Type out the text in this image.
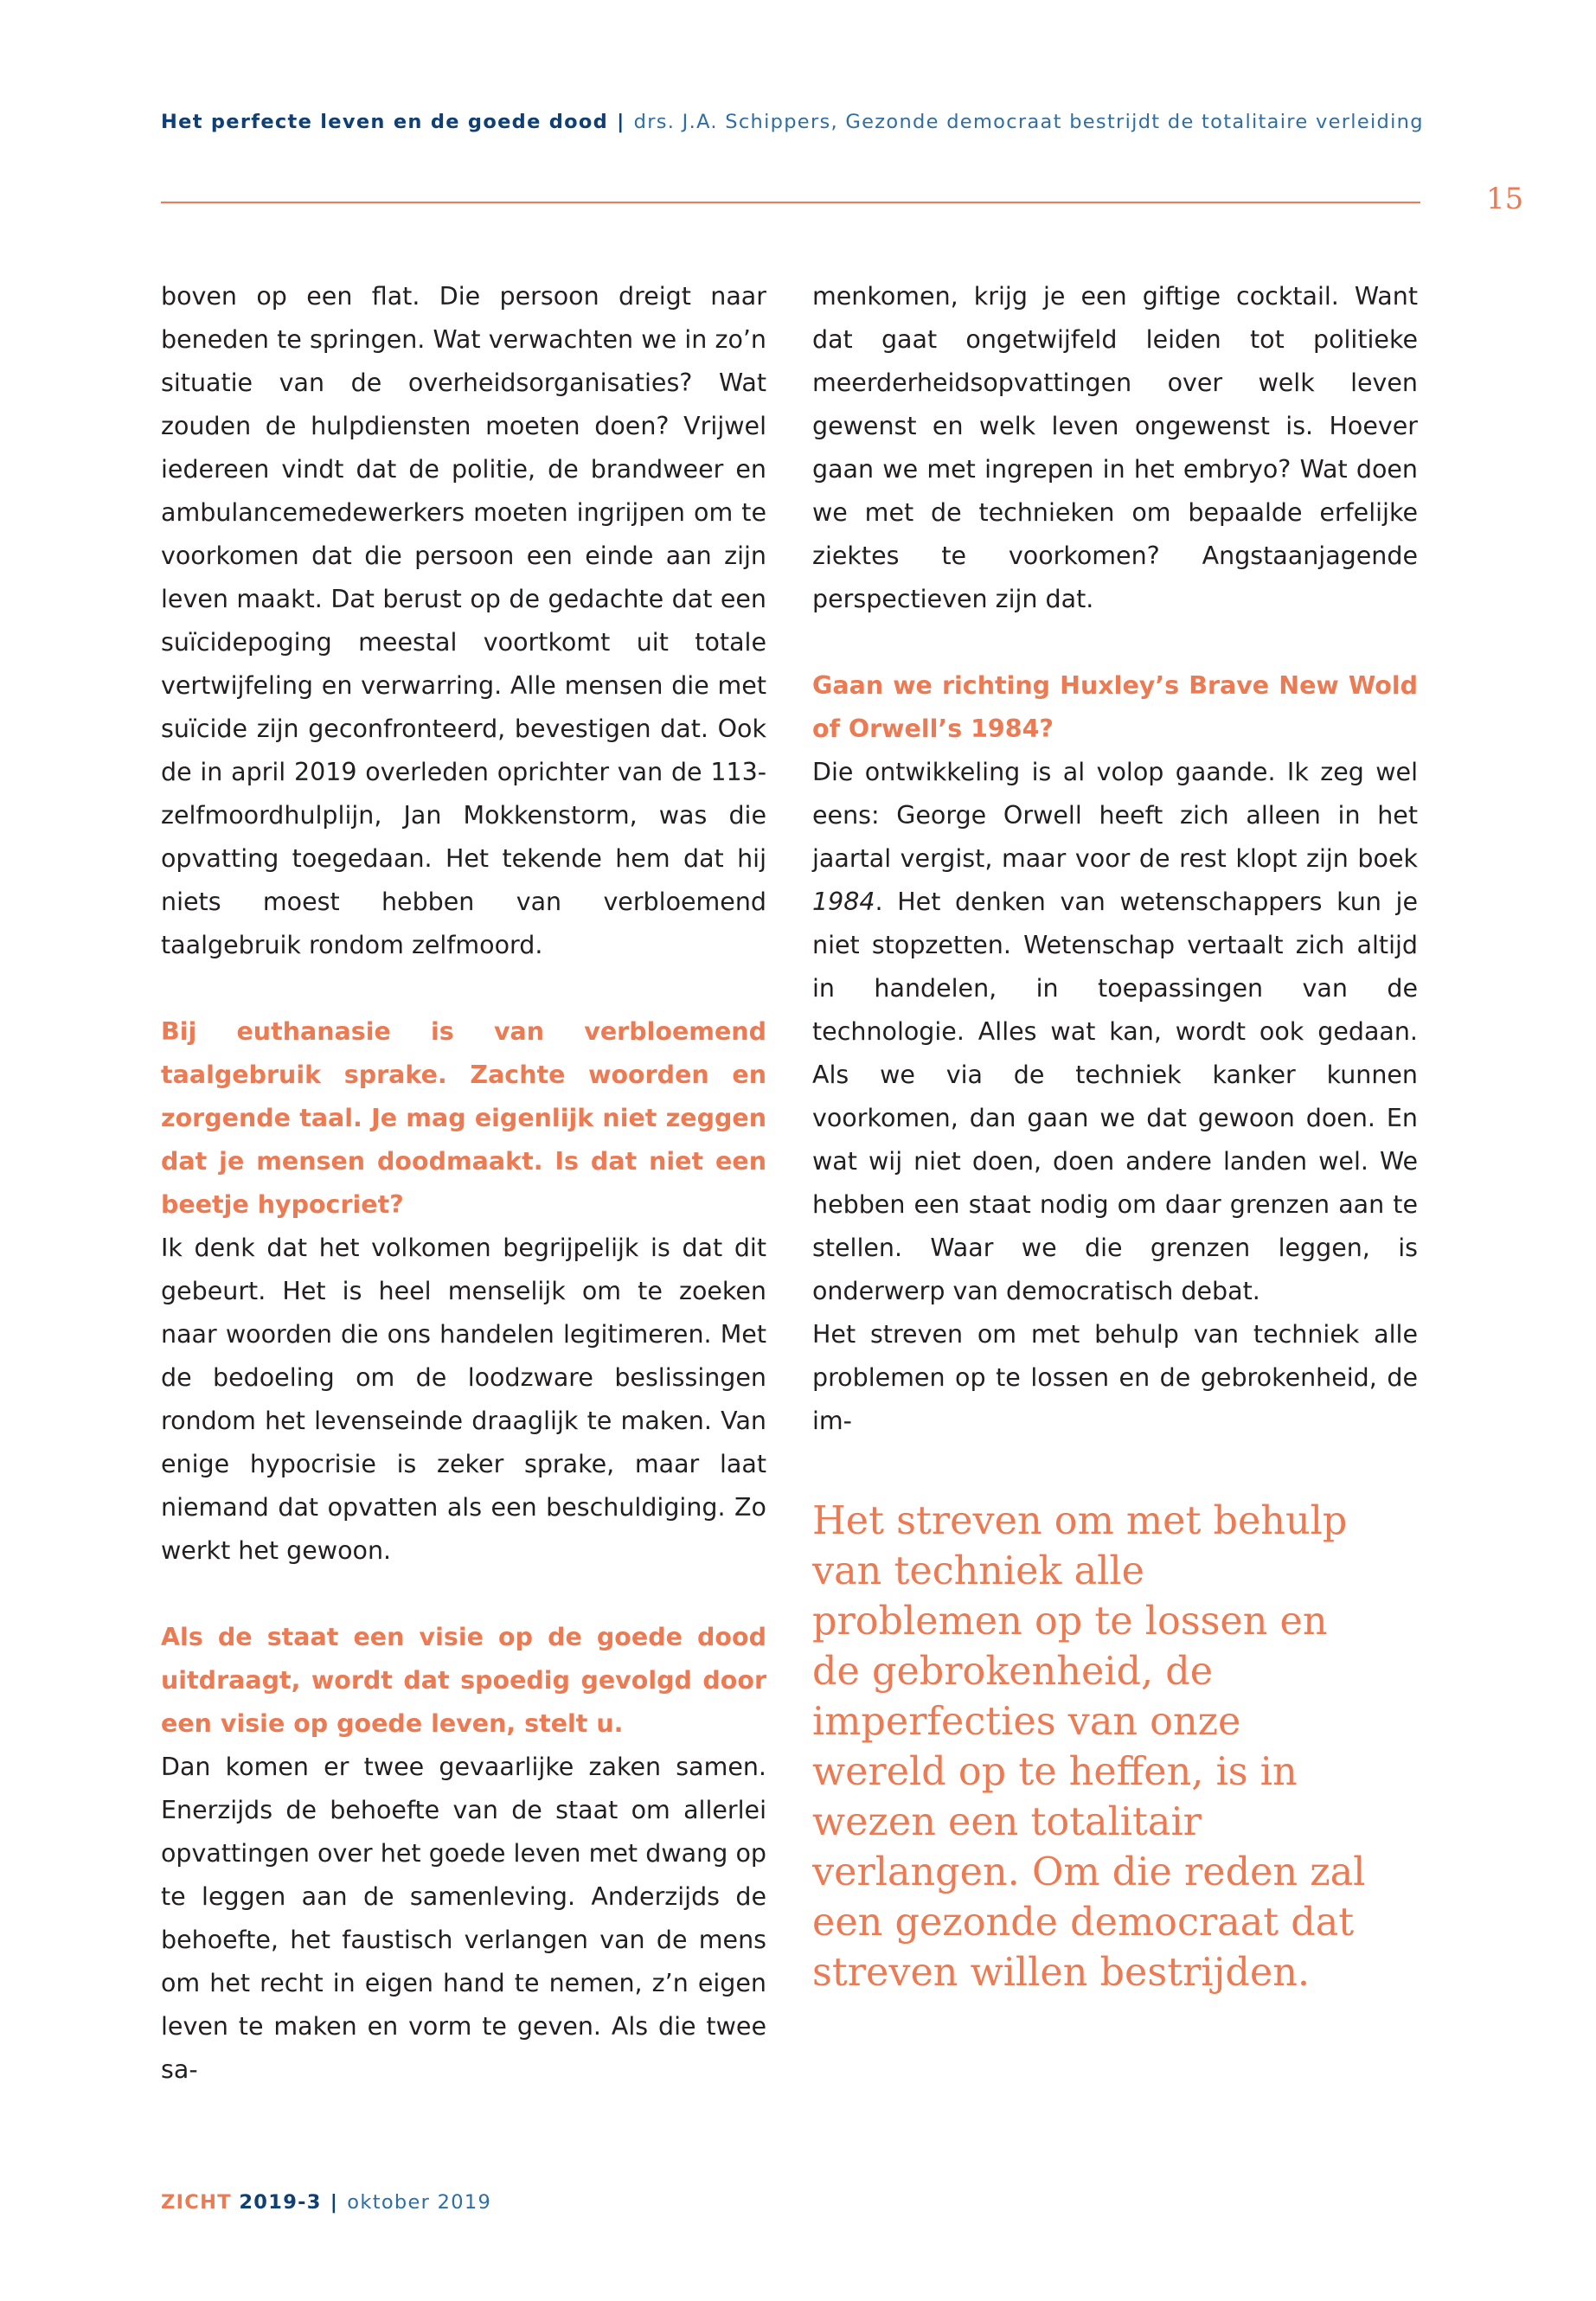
Het perfecte leven en de goede dood | drs. J.A. Schippers, Gezonde democraat bestrijdt de totalitaire verleiding
15

boven op een flat. Die persoon dreigt naar beneden te springen. Wat verwachten we in zo’n situatie van de overheidsorganisaties? Wat zouden de hulpdiensten moeten doen? Vrijwel iedereen vindt dat de politie, de brandweer en ambulancemedewerkers moeten ingrijpen om te voorkomen dat die persoon een einde aan zijn leven maakt. Dat berust op de gedachte dat een suïcidepoging meestal voortkomt uit totale vertwijfeling en verwarring. Alle mensen die met suïcide zijn geconfronteerd, bevestigen dat. Ook de in april 2019 overleden oprichter van de 113-zelfmoordhulplijn, Jan Mokkenstorm, was die opvatting toegedaan. Het tekende hem dat hij niets moest hebben van verbloemend taalgebruik rondom zelfmoord.

Bij euthanasie is van verbloemend taalgebruik sprake. Zachte woorden en zorgende taal. Je mag eigenlijk niet zeggen dat je mensen doodmaakt. Is dat niet een beetje hypocriet?

Ik denk dat het volkomen begrijpelijk is dat dit gebeurt. Het is heel menselijk om te zoeken naar woorden die ons handelen legitimeren. Met de bedoeling om de loodzware beslissingen rondom het levenseinde draaglijk te maken. Van enige hypocrisie is zeker sprake, maar laat niemand dat opvatten als een beschuldiging. Zo werkt het gewoon.

Als de staat een visie op de goede dood uitdraagt, wordt dat spoedig gevolgd door een visie op goede leven, stelt u.

Dan komen er twee gevaarlijke zaken samen. Enerzijds de behoefte van de staat om allerlei opvattingen over het goede leven met dwang op te leggen aan de samenleving. Anderzijds de behoefte, het faustisch verlangen van de mens om het recht in eigen hand te nemen, z’n eigen leven te maken en vorm te geven. Als die twee sa-

menkomen, krijg je een giftige cocktail. Want dat gaat ongetwijfeld leiden tot politieke meerderheidsopvattingen over welk leven gewenst en welk leven ongewenst is. Hoever gaan we met ingrepen in het embryo? Wat doen we met de technieken om bepaalde erfelijke ziektes te voorkomen? Angstaanjagende perspectieven zijn dat.

Gaan we richting Huxley’s Brave New Wold of Orwell’s 1984?

Die ontwikkeling is al volop gaande. Ik zeg wel eens: George Orwell heeft zich alleen in het jaartal vergist, maar voor de rest klopt zijn boek 1984. Het denken van wetenschappers kun je niet stopzetten. Wetenschap vertaalt zich altijd in handelen, in toepassingen van de technologie. Alles wat kan, wordt ook gedaan. Als we via de techniek kanker kunnen voorkomen, dan gaan we dat gewoon doen. En wat wij niet doen, doen andere landen wel. We hebben een staat nodig om daar grenzen aan te stellen. Waar we die grenzen leggen, is onderwerp van democratisch debat.

Het streven om met behulp van techniek alle problemen op te lossen en de gebrokenheid, de im-

Het streven om met behulp van techniek alle problemen op te lossen en de gebrokenheid, de imperfecties van onze wereld op te heffen, is in wezen een totalitair verlangen. Om die reden zal een gezonde democraat dat streven willen bestrijden.
ZICHT 2019-3 | oktober 2019
